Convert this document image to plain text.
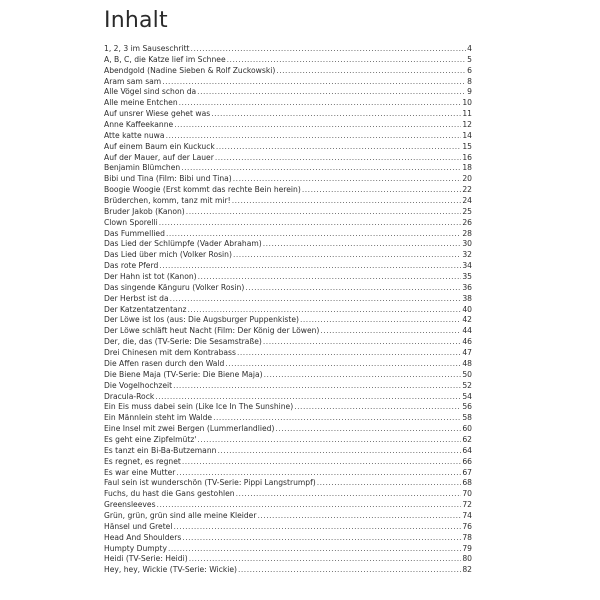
Inhalt
1, 2, 3 im Sauseschritt .....	4
A, B, C, die Katze lief im Schnee .....	5
Abendgold (Nadine Sieben & Rolf Zuckowski) .....	6
Aram sam sam .....	8
Alle Vögel sind schon da .....	9
Alle meine Entchen .....	10
Auf unsrer Wiese gehet was .....	11
Anne Kaffeekanne .....	12
Atte katte nuwa .....	14
Auf einem Baum ein Kuckuck .....	15
Auf der Mauer, auf der Lauer .....	16
Benjamin Blümchen .....	18
Bibi und Tina (Film: Bibi und Tina) .....	20
Boogie Woogie (Erst kommt das rechte Bein herein) .....	22
Brüderchen, komm, tanz mit mir! .....	24
Bruder Jakob (Kanon) .....	25
Clown Sporelli .....	26
Das Fummellied .....	28
Das Lied der Schlümpfe (Vader Abraham) .....	30
Das Lied über mich (Volker Rosin) .....	32
Das rote Pferd .....	34
Der Hahn ist tot (Kanon) .....	35
Das singende Känguru (Volker Rosin) .....	36
Der Herbst ist da .....	38
Der Katzentatzentanz .....	40
Der Löwe ist los (aus: Die Augsburger Puppenkiste) .....	42
Der Löwe schläft heut Nacht (Film: Der König der Löwen) .....	44
Der, die, das (TV-Serie: Die Sesamstraße) .....	46
Drei Chinesen mit dem Kontrabass .....	47
Die Affen rasen durch den Wald .....	48
Die Biene Maja (TV-Serie: Die Biene Maja) .....	50
Die Vogelhochzeit .....	52
Dracula-Rock .....	54
Ein Eis muss dabei sein (Like Ice In The Sunshine) .....	56
Ein Männlein steht im Walde .....	58
Eine Insel mit zwei Bergen (Lummerlandlied) .....	60
Es geht eine Zipfelmütz' .....	62
Es tanzt ein Bi-Ba-Butzemann .....	64
Es regnet, es regnet .....	66
Es war eine Mutter .....	67
Faul sein ist wunderschön (TV-Serie: Pippi Langstrumpf) .....	68
Fuchs, du hast die Gans gestohlen .....	70
Greensleeves .....	72
Grün, grün, grün sind alle meine Kleider .....	74
Hänsel und Gretel .....	76
Head And Shoulders .....	78
Humpty Dumpty .....	79
Heidi (TV-Serie: Heidi) .....	80
Hey, hey, Wickie (TV-Serie: Wickie) .....	82
